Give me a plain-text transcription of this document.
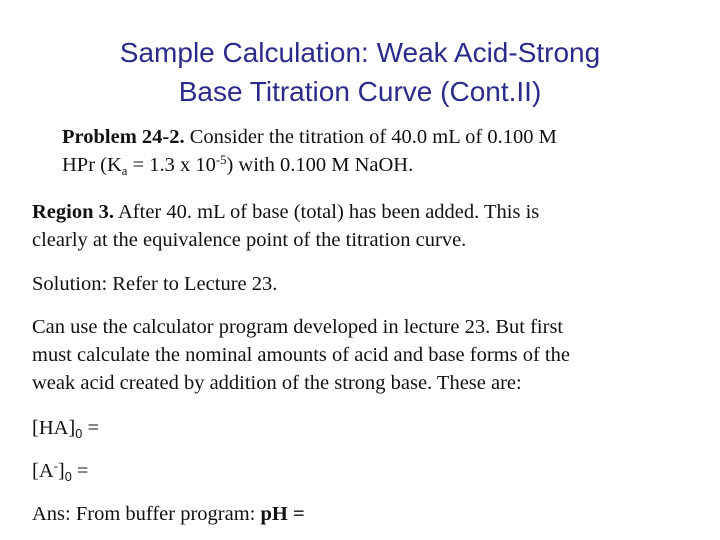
Sample Calculation: Weak Acid-Strong
Base Titration Curve (Cont.II)

Problem 24-2. Consider the titration of 40.0 mL of 0.100 M
HPr ($K_a = 1.3$ x $10^{-5}$) with 0.100 M NaOH.

Region 3. After 40. mL of base (total) has been added. This is
clearly at the equivalence point of the titration curve.

Solution: Refer to Lecture 23.

Can use the calculator program developed in lecture 23. But first
must calculate the nominal amounts of acid and base forms of the
weak acid created by addition of the strong base. These are:

$[HA]_0$ =

$[A^-]_0$ =

Ans: From buffer program: pH =
